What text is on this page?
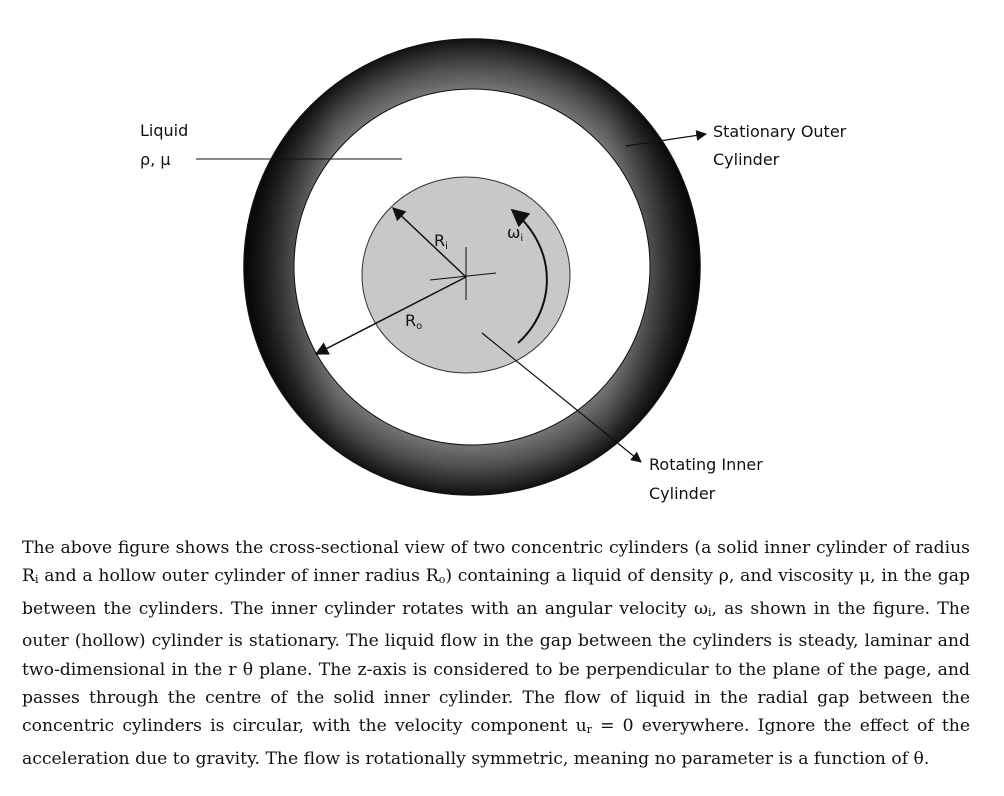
Liquid
ρ, μ
Stationary Outer
Cylinder
Rotating Inner
Cylinder
Ri
Ro
ωi

The above figure shows the cross-sectional view of two concentric cylinders (a solid inner cylinder of radius Ri and a hollow outer cylinder of inner radius Ro) containing a liquid of density ρ, and viscosity μ, in the gap between the cylinders. The inner cylinder rotates with an angular velocity ωi, as shown in the figure. The outer (hollow) cylinder is stationary. The liquid flow in the gap between the cylinders is steady, laminar and two-dimensional in the r θ plane. The z-axis is considered to be perpendicular to the plane of the page, and passes through the centre of the solid inner cylinder. The flow of liquid in the radial gap between the concentric cylinders is circular, with the velocity component ur = 0 everywhere. Ignore the effect of the acceleration due to gravity. The flow is rotationally symmetric, meaning no parameter is a function of θ.
